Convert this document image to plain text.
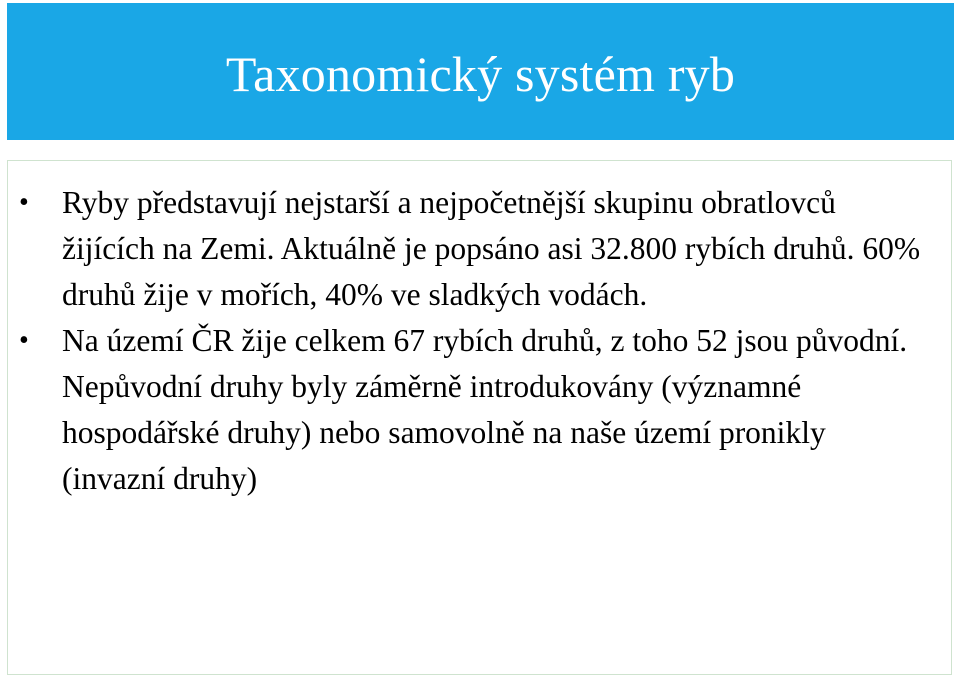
Taxonomický systém ryb
• Ryby představují nejstarší a nejpočetnější skupinu obratlovců žijících na Zemi. Aktuálně je popsáno asi 32.800 rybích druhů. 60% druhů žije v mořích, 40% ve sladkých vodách.
• Na území ČR žije celkem 67 rybích druhů, z toho 52 jsou původní. Nepůvodní druhy byly záměrně introdukovány (významné hospodářské druhy) nebo samovolně na naše území pronikly (invazní druhy)
